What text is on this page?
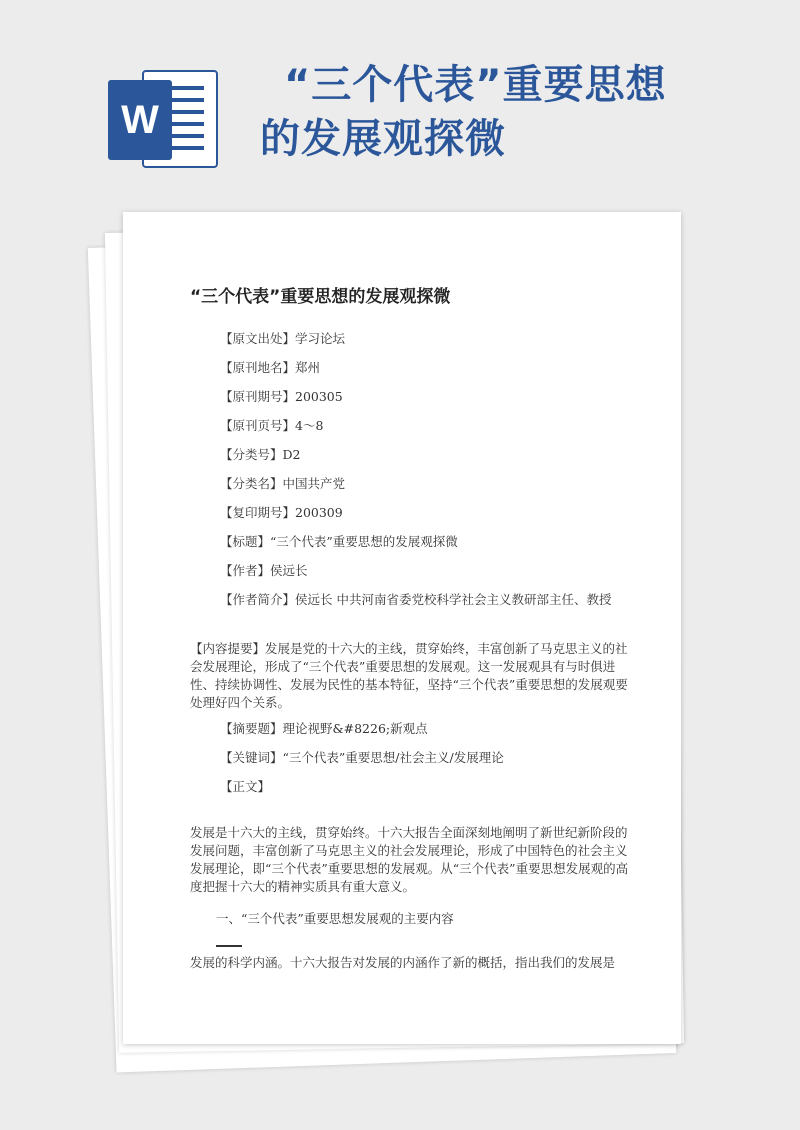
W
“三个代表”重要思想
的发展观探微
“三个代表”重要思想的发展观探微
【原文出处】学习论坛
【原刊地名】郑州
【原刊期号】200305
【原刊页号】4～8
【分类号】D2
【分类名】中国共产党
【复印期号】200309
【标题】“三个代表”重要思想的发展观探微
【作者】侯远长
【作者简介】侯远长 中共河南省委党校科学社会主义教研部主任、教授
【内容提要】发展是党的十六大的主线，贯穿始终，丰富创新了马克思主义的社会发展理论，形成了“三个代表”重要思想的发展观。这一发展观具有与时俱进性、持续协调性、发展为民性的基本特征，坚持“三个代表”重要思想的发展观要处理好四个关系。
【摘要题】理论视野&#8226;新观点
【关键词】“三个代表”重要思想/社会主义/发展理论
【正文】
发展是十六大的主线，贯穿始终。十六大报告全面深刻地阐明了新世纪新阶段的发展问题，丰富创新了马克思主义的社会发展理论，形成了中国特色的社会主义发展理论，即“三个代表”重要思想的发展观。从“三个代表”重要思想发展观的高度把握十六大的精神实质具有重大意义。
一、“三个代表”重要思想发展观的主要内容
发展的科学内涵。十六大报告对发展的内涵作了新的概括，指出我们的发展是
